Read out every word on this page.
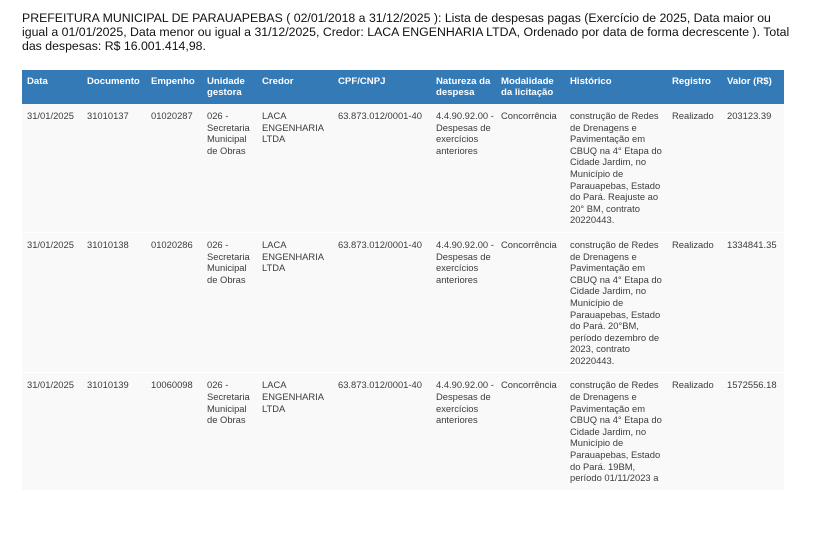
PREFEITURA MUNICIPAL DE PARAUAPEBAS ( 02/01/2018 a 31/12/2025 ): Lista de despesas pagas (Exercício de 2025, Data maior ou igual a 01/01/2025, Data menor ou igual a 31/12/2025, Credor: LACA ENGENHARIA LTDA, Ordenado por data de forma decrescente ). Total das despesas: R$ 16.001.414,98.

Data	Documento	Empenho	Unidade gestora	Credor	CPF/CNPJ	Natureza da despesa	Modalidade da licitação	Histórico	Registro	Valor (R$)
31/01/2025	31010137	01020287	026 - Secretaria Municipal de Obras	LACA ENGENHARIA LTDA	63.873.012/0001-40	4.4.90.92.00 - Despesas de exercícios anteriores	Concorrência	construção de Redes de Drenagens e Pavimentação em CBUQ na 4° Etapa do Cidade Jardim, no Município de Parauapebas, Estado do Pará. Reajuste ao 20° BM, contrato 20220443.	Realizado	203123.39
31/01/2025	31010138	01020286	026 - Secretaria Municipal de Obras	LACA ENGENHARIA LTDA	63.873.012/0001-40	4.4.90.92.00 - Despesas de exercícios anteriores	Concorrência	construção de Redes de Drenagens e Pavimentação em CBUQ na 4° Etapa do Cidade Jardim, no Município de Parauapebas, Estado do Pará. 20°BM, período dezembro de 2023, contrato 20220443.	Realizado	1334841.35
31/01/2025	31010139	10060098	026 - Secretaria Municipal de Obras	LACA ENGENHARIA LTDA	63.873.012/0001-40	4.4.90.92.00 - Despesas de exercícios anteriores	Concorrência	construção de Redes de Drenagens e Pavimentação em CBUQ na 4° Etapa do Cidade Jardim, no Município de Parauapebas, Estado do Pará. 19BM, período 01/11/2023 a	Realizado	1572556.18
